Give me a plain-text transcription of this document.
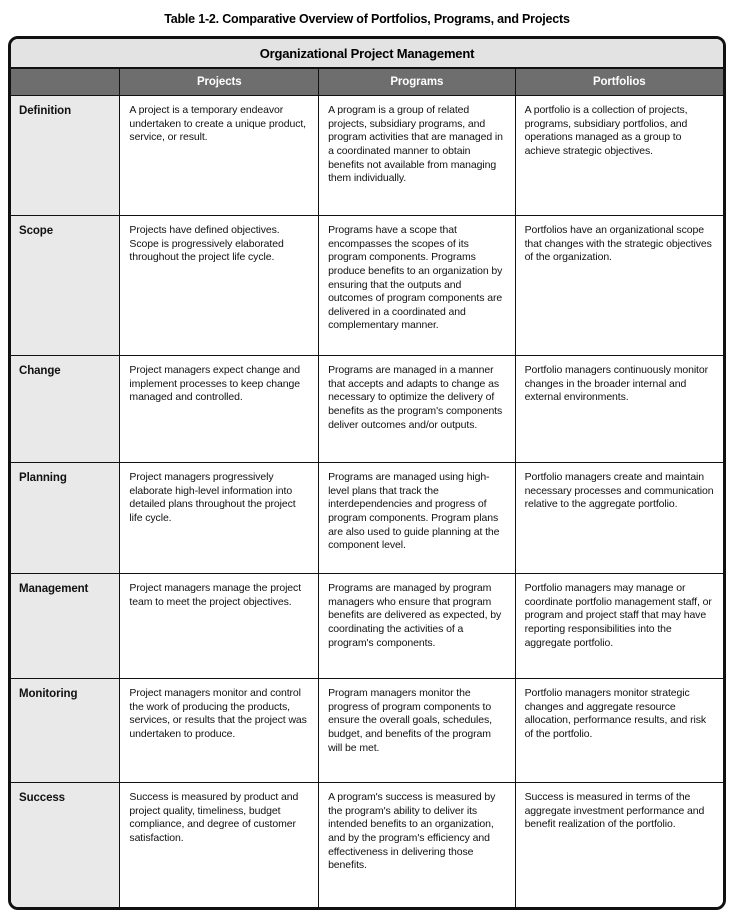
Table 1-2. Comparative Overview of Portfolios, Programs, and Projects
Organizational Project Management			
	Projects	Programs	Portfolios
Definition	A project is a temporary endeavor undertaken to create a unique product, service, or result.	A program is a group of related projects, subsidiary programs, and program activities that are managed in a coordinated manner to obtain benefits not available from managing them individually.	A portfolio is a collection of projects, programs, subsidiary portfolios, and operations managed as a group to achieve strategic objectives.
Scope	Projects have defined objectives. Scope is progressively elaborated throughout the project life cycle.	Programs have a scope that encompasses the scopes of its program components. Programs produce benefits to an organization by ensuring that the outputs and outcomes of program components are delivered in a coordinated and complementary manner.	Portfolios have an organizational scope that changes with the strategic objectives of the organization.
Change	Project managers expect change and implement processes to keep change managed and controlled.	Programs are managed in a manner that accepts and adapts to change as necessary to optimize the delivery of benefits as the program's components deliver outcomes and/or outputs.	Portfolio managers continuously monitor changes in the broader internal and external environments.
Planning	Project managers progressively elaborate high-level information into detailed plans throughout the project life cycle.	Programs are managed using high-level plans that track the interdependencies and progress of program components. Program plans are also used to guide planning at the component level.	Portfolio managers create and maintain necessary processes and communication relative to the aggregate portfolio.
Management	Project managers manage the project team to meet the project objectives.	Programs are managed by program managers who ensure that program benefits are delivered as expected, by coordinating the activities of a program's components.	Portfolio managers may manage or coordinate portfolio management staff, or program and project staff that may have reporting responsibilities into the aggregate portfolio.
Monitoring	Project managers monitor and control the work of producing the products, services, or results that the project was undertaken to produce.	Program managers monitor the progress of program components to ensure the overall goals, schedules, budget, and benefits of the program will be met.	Portfolio managers monitor strategic changes and aggregate resource allocation, performance results, and risk of the portfolio.
Success	Success is measured by product and project quality, timeliness, budget compliance, and degree of customer satisfaction.	A program's success is measured by the program's ability to deliver its intended benefits to an organization, and by the program's efficiency and effectiveness in delivering those benefits.	Success is measured in terms of the aggregate investment performance and benefit realization of the portfolio.
